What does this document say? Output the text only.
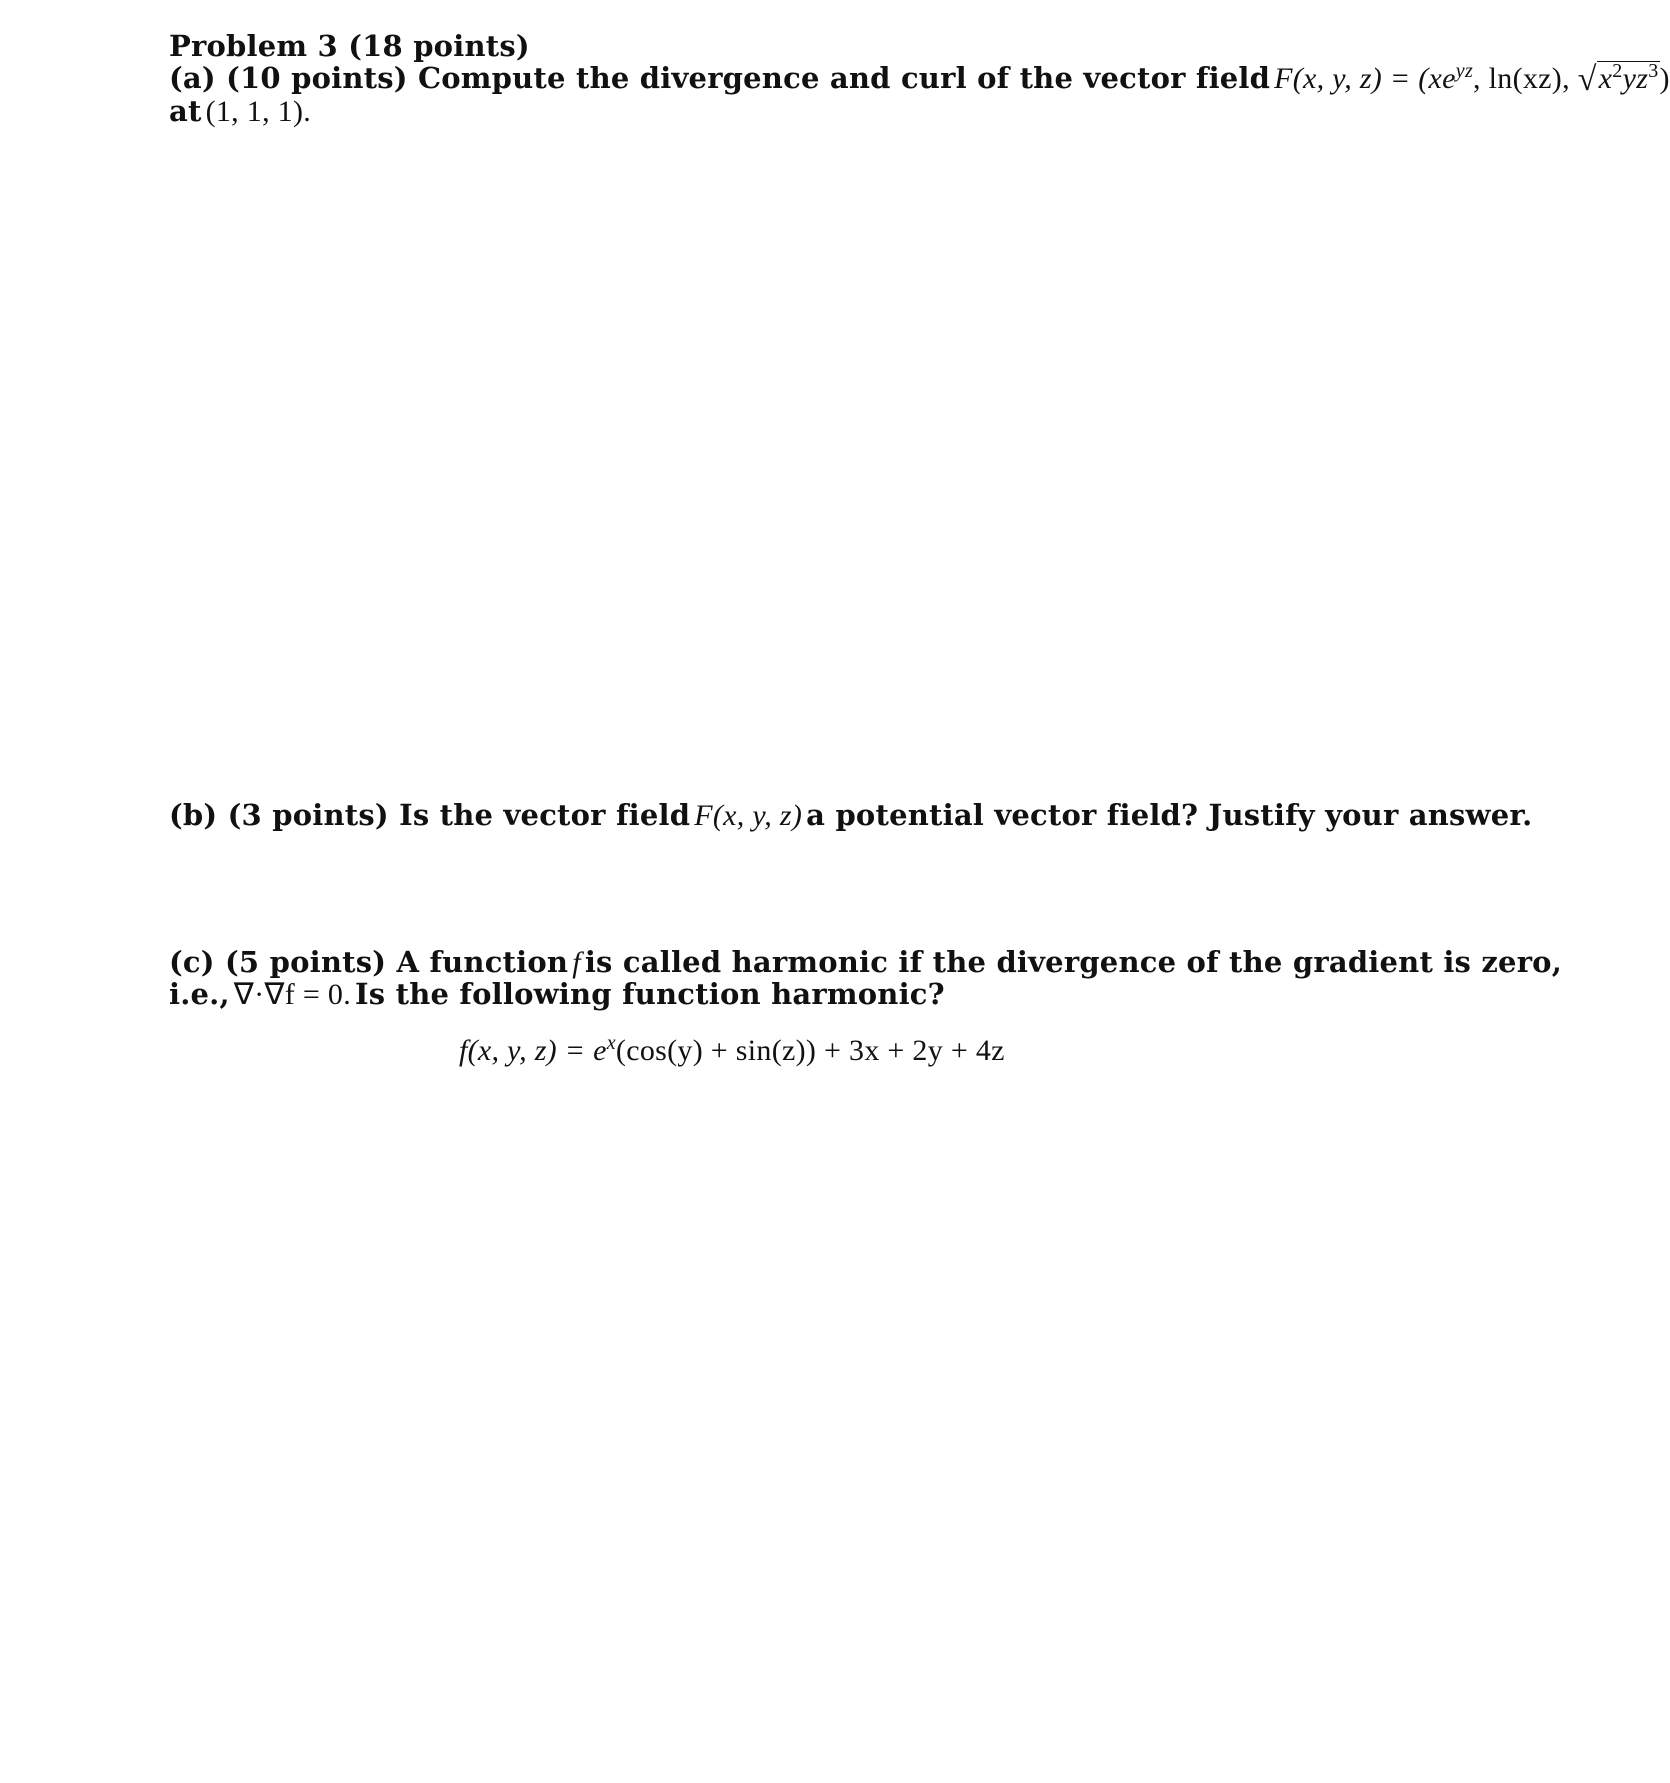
Problem 3 (18 points)
(a) (10 points) Compute the divergence and curl of the vector field F(x, y, $z) = (xe^{yz}$, ln(xz), $√x^2yz^3$)
at (1, 1, 1).
(b) (3 points) Is the vector field F(x, y, z) a potential vector field? Justify your answer.
(c) (5 points) A function f is called harmonic if the divergence of the gradient is zero,
i.e., ∇·∇f = 0. Is the following function harmonic?
f(x, y, $z) = e^x(\cos(y) + \sin(z)) + 3x + 2y + 4z$
